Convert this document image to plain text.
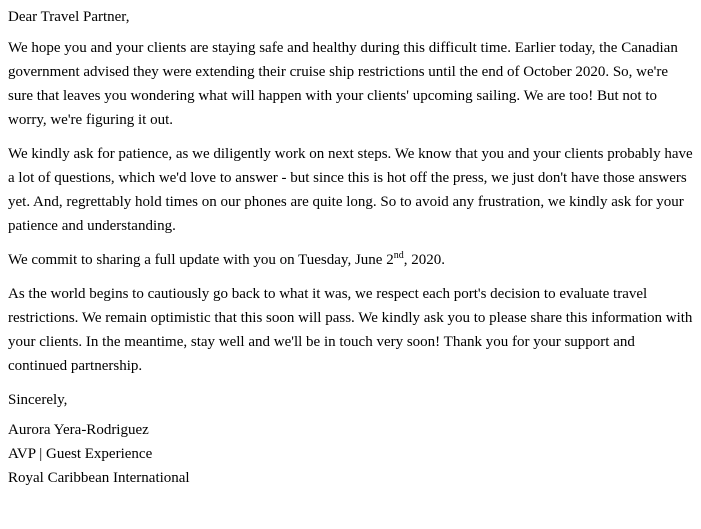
Dear Travel Partner,

We hope you and your clients are staying safe and healthy during this difficult time. Earlier today, the Canadian government advised they were extending their cruise ship restrictions until the end of October 2020. So, we're sure that leaves you wondering what will happen with your clients' upcoming sailing. We are too! But not to worry, we're figuring it out.

We kindly ask for patience, as we diligently work on next steps. We know that you and your clients probably have a lot of questions, which we'd love to answer - but since this is hot off the press, we just don't have those answers yet. And, regrettably hold times on our phones are quite long. So to avoid any frustration, we kindly ask for your patience and understanding.

We commit to sharing a full update with you on Tuesday, June 2nd, 2020.

As the world begins to cautiously go back to what it was, we respect each port's decision to evaluate travel restrictions. We remain optimistic that this soon will pass. We kindly ask you to please share this information with your clients. In the meantime, stay well and we'll be in touch very soon! Thank you for your support and continued partnership.

Sincerely,

Aurora Yera-Rodriguez
AVP | Guest Experience
Royal Caribbean International
